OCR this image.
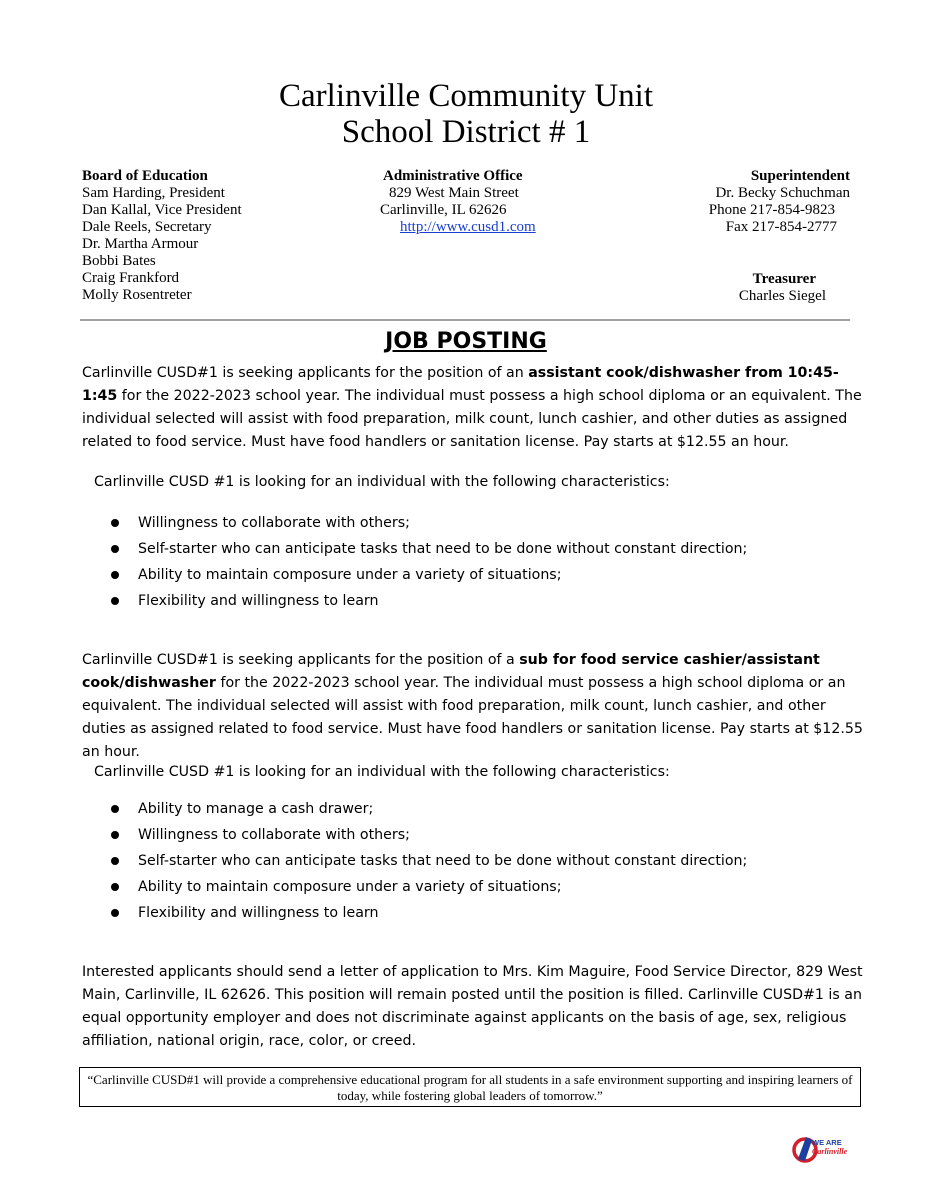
Carlinville Community Unit
School District # 1
Board of Education
Sam Harding, President
Dan Kallal, Vice President
Dale Reels, Secretary
Dr. Martha Armour
Bobbi Bates
Craig Frankford
Molly Rosentreter
Administrative Office
829 West Main Street
Carlinville, IL 62626
http://www.cusd1.com
Superintendent
Dr. Becky Schuchman
Phone 217-854-9823
Fax 217-854-2777
Treasurer
Charles Siegel
JOB POSTING
Carlinville CUSD#1 is seeking applicants for the position of an assistant cook/dishwasher from 10:45-1:45 for the 2022-2023 school year. The individual must possess a high school diploma or an equivalent. The individual selected will assist with food preparation, milk count, lunch cashier, and other duties as assigned related to food service. Must have food handlers or sanitation license. Pay starts at $12.55 an hour.
Carlinville CUSD #1 is looking for an individual with the following characteristics:
Willingness to collaborate with others;
Self-starter who can anticipate tasks that need to be done without constant direction;
Ability to maintain composure under a variety of situations;
Flexibility and willingness to learn
Carlinville CUSD#1 is seeking applicants for the position of a sub for food service cashier/assistant cook/dishwasher for the 2022-2023 school year. The individual must possess a high school diploma or an equivalent. The individual selected will assist with food preparation, milk count, lunch cashier, and other duties as assigned related to food service. Must have food handlers or sanitation license. Pay starts at $12.55 an hour.
Carlinville CUSD #1 is looking for an individual with the following characteristics:
Ability to manage a cash drawer;
Willingness to collaborate with others;
Self-starter who can anticipate tasks that need to be done without constant direction;
Ability to maintain composure under a variety of situations;
Flexibility and willingness to learn
Interested applicants should send a letter of application to Mrs. Kim Maguire, Food Service Director, 829 West Main, Carlinville, IL 62626. This position will remain posted until the position is filled. Carlinville CUSD#1 is an equal opportunity employer and does not discriminate against applicants on the basis of age, sex, religious affiliation, national origin, race, color, or creed.
“Carlinville CUSD#1 will provide a comprehensive educational program for all students in a safe environment supporting and inspiring learners of today, while fostering global leaders of tomorrow.”
WE ARE
Carlinville
